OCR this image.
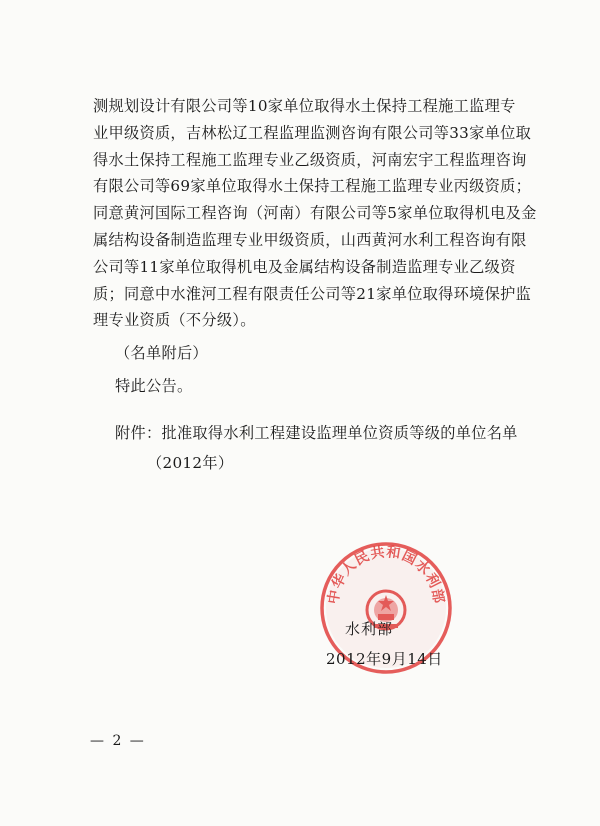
测规划设计有限公司等10家单位取得水土保持工程施工监理专
业甲级资质，吉林松辽工程监理监测咨询有限公司等33家单位取
得水土保持工程施工监理专业乙级资质，河南宏宇工程监理咨询
有限公司等69家单位取得水土保持工程施工监理专业丙级资质；
同意黄河国际工程咨询（河南）有限公司等5家单位取得机电及金
属结构设备制造监理专业甲级资质，山西黄河水利工程咨询有限
公司等11家单位取得机电及金属结构设备制造监理专业乙级资
质；同意中水淮河工程有限责任公司等21家单位取得环境保护监
理专业资质（不分级）。
（名单附后）
特此公告。
附件：批准取得水利工程建设监理单位资质等级的单位名单
（2012年）
中华人民共和国水利部
水利部
2012年9月14日
— 2 —
